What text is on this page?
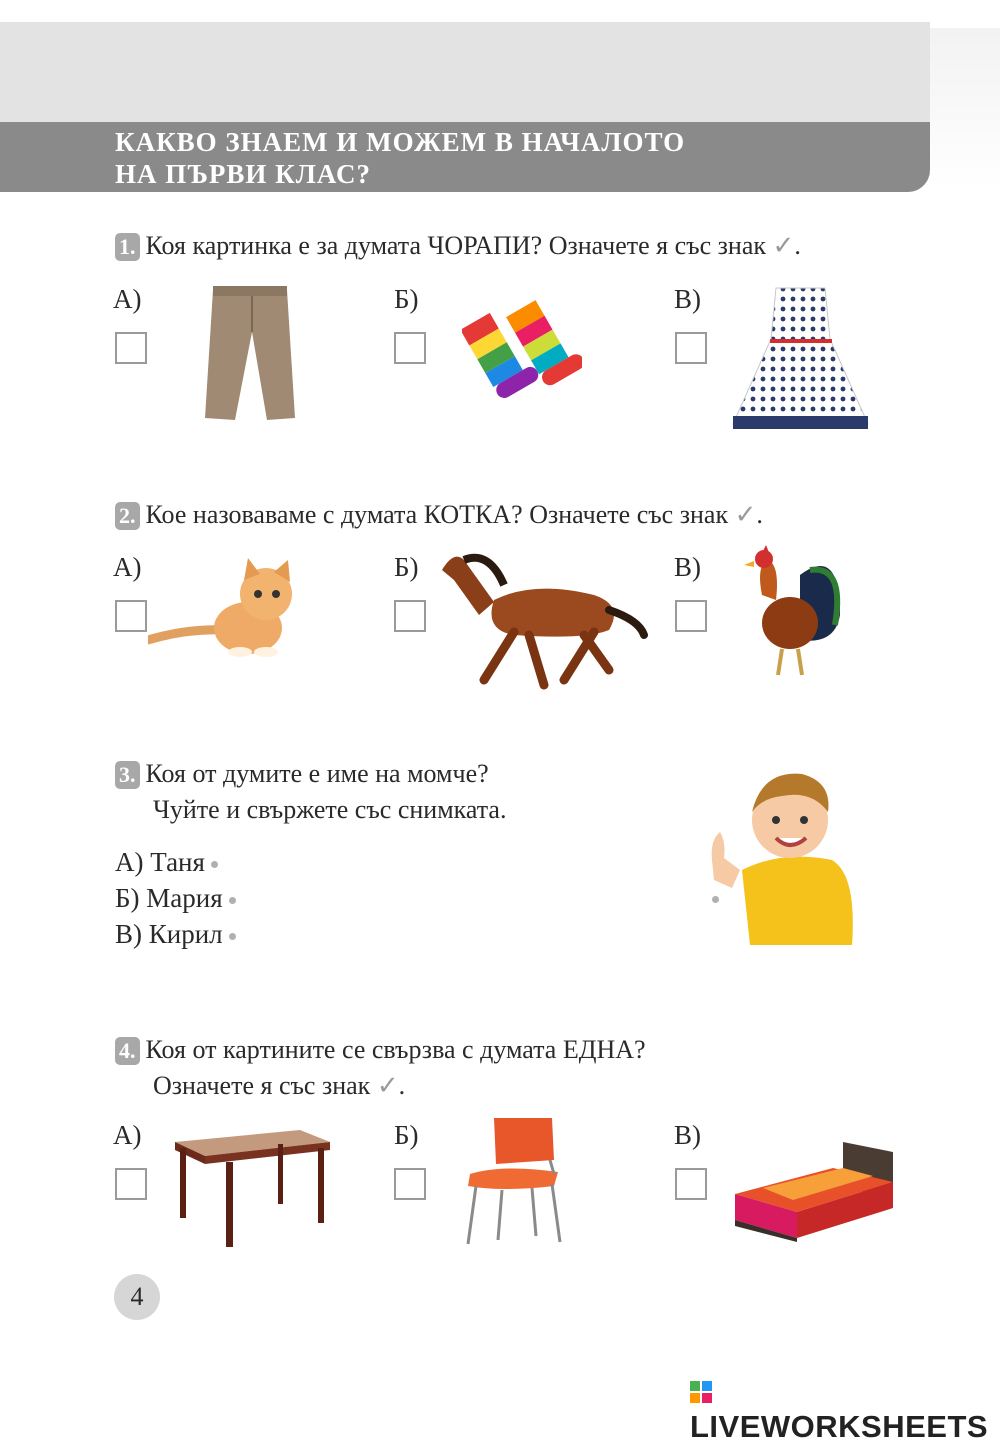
КАКВО ЗНАЕМ И МОЖЕМ В НАЧАЛОТО
НА ПЪРВИ КЛАС?
1. Коя картинка е за думата ЧОРАПИ? Означете я със знак ✓.
А)	Б)	В)
2. Кое назоваваме с думата КОТКА? Означете със знак ✓.
А)	Б)	В)
3. Коя от думите е име на момче?
Чуйте и свържете със снимката.
А) Таня
Б) Мария
В) Кирил
4. Коя от картините се свързва с думата ЕДНА?
Означете я със знак ✓.
А)	Б)	В)
4
LIVEWORKSHEETS
